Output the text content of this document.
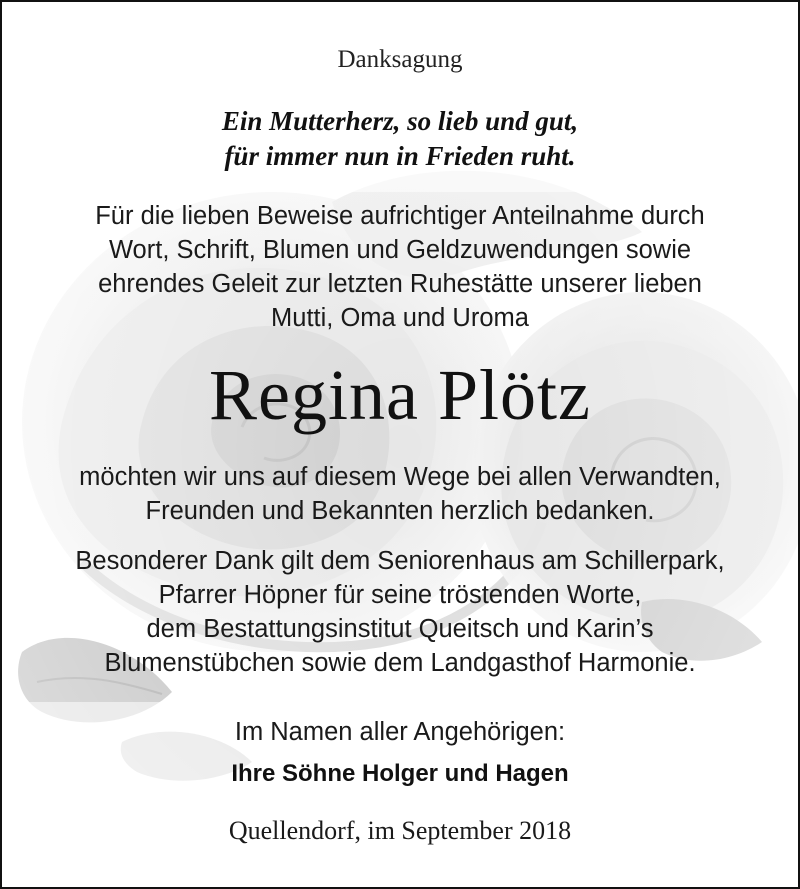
Danksagung
Ein Mutterherz, so lieb und gut,
für immer nun in Frieden ruht.
Für die lieben Beweise aufrichtiger Anteilnahme durch
Wort, Schrift, Blumen und Geldzuwendungen sowie
ehrendes Geleit zur letzten Ruhestätte unserer lieben
Mutti, Oma und Uroma
Regina Plötz
möchten wir uns auf diesem Wege bei allen Verwandten,
Freunden und Bekannten herzlich bedanken.
Besonderer Dank gilt dem Seniorenhaus am Schillerpark,
Pfarrer Höpner für seine tröstenden Worte,
dem Bestattungsinstitut Queitsch und Karin’s
Blumenstübchen sowie dem Landgasthof Harmonie.
Im Namen aller Angehörigen:
Ihre Söhne Holger und Hagen
Quellendorf, im September 2018
